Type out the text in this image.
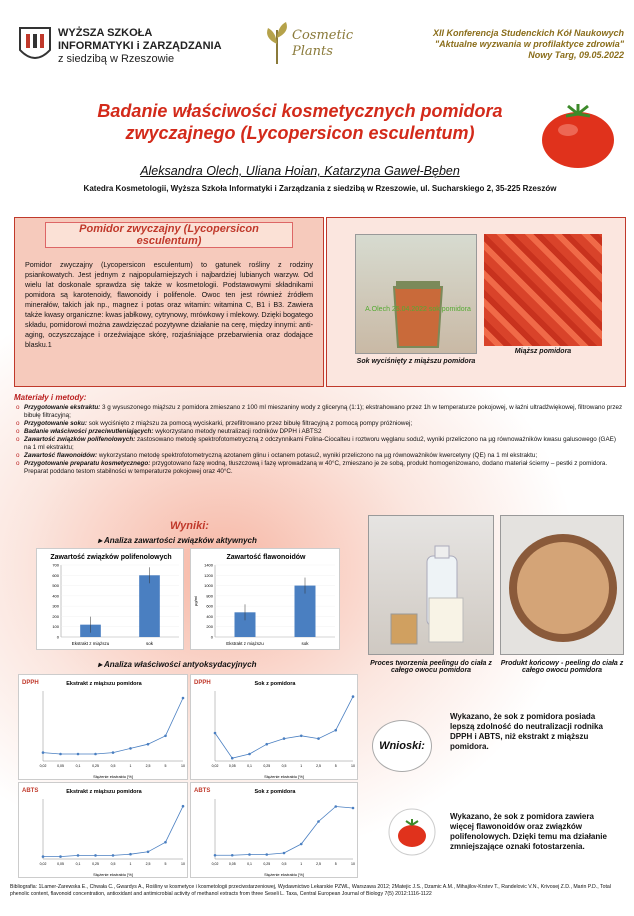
WYŻSZA SZKOŁA
INFORMATYKI i ZARZĄDZANIA
z siedzibą w Rzeszowie
Cosmetic Plants
XII Konferencja Studenckich Kół Naukowych
"Aktualne wyzwania w profilaktyce zdrowia"
Nowy Targ, 09.05.2022
Badanie właściwości kosmetycznych pomidora zwyczajnego (Lycopersicon esculentum)
Aleksandra Olech, Uliana Hoian, Katarzyna Gaweł-Bęben
Katedra Kosmetologii, Wyższa Szkoła Informatyki i Zarządzania z siedzibą w Rzeszowie, ul. Sucharskiego 2, 35-225 Rzeszów
Pomidor zwyczajny (Lycopersicon esculentum)

Pomidor zwyczajny (Lycopersicon esculentum) to gatunek rośliny z rodziny psiankowatych. Jest jednym z najpopularniejszych i najbardziej lubianych warzyw. Od wielu lat doskonale sprawdza się także w kosmetologii. Podstawowymi składnikami pomidora są karotenoidy, flawonoidy i polifenole. Owoc ten jest również źródłem minerałów, takich jak np., magnez i potas oraz witamin: witamina C, B1 i B3. Zawiera także kwasy organiczne: kwas jabłkowy, cytrynowy, mrówkowy i mlekowy. Dzięki bogatego składu, pomidorowi można zawdzięczać pozytywne działanie na cerę, między innymi: anti-aging, oczyszczające i orzeźwiające skórę, rozjaśniające przebarwienia oraz dodające blasku.1

A.Olech 25.04.2022 sok pomidora
Sok wyciśnięty z miąższu pomidora
Miąższ pomidora
Materiały i metody:
o Przygotowanie ekstraktu: 3 g wysuszonego miąższu z pomidora zmieszano z 100 ml mieszaniny wody z gliceryną (1:1); ekstrahowano przez 1h w temperaturze pokojowej, w łaźni ultradźwiękowej, filtrowano przez bibułę filtracyjną;
o Przygotowanie soku: sok wyciśnięto z miąższu za pomocą wyciskarki, przefiltrowano przez bibułę filtracyjną z pomocą pompy próżniowej;
o Badanie właściwości przeciwutleniających: wykorzystano metody neutralizacji rodników DPPH i ABTS2
o Zawartość związków polifenolowych: zastosowano metodę spektrofotometryczną z odczynnikami Folina-Ciocalteu i roztworu węglanu sodu2, wyniki przeliczono na µg równoważników kwasu galusowego (GAE) na 1 ml ekstraktu;
o Zawartość flawonoidów: wykorzystano metodę spektrofotometryczną azotanem glinu i octanem potasu2, wyniki przeliczono na µg równoważników kwercetyny (QE) na 1 ml ekstraktu;
o Przygotowanie preparatu kosmetycznego: przygotowano fazę wodną, tłuszczową i fazę wprowadzaną w 40°C, zmieszano je ze sobą, produkt homogenizowano, dodano materiał ścierny – pestki z pomidora. Preparat poddano testom stabilności w temperaturze pokojowej oraz 40°C.
Wyniki:
▸ Analiza zawartości związków aktywnych
▸ Analiza właściwości antyoksydacyjnych
Zawartość związków polifenolowych
0
100
200
300
400
500
600
700
Ekstrakt z miąższu	sok
Zawartość flawonoidów
µg/ml
0
200
400
600
800
1000
1200
1400
Ekstrakt z miąższu	sok
Ekstrakt z miąższu pomidora
DPPH
0,02	0,05	0,1	0,25	0,5	1	2,5	5	10
Stężenie ekstraktu [%]
Sok z pomidora
DPPH
0,02	0,05	0,1	0,25	0,5	1	2,5	5	10
Stężenie ekstraktu [%]
Ekstrakt z miąższu pomidora
ABTS
0,02	0,05	0,1	0,25	0,5	1	2,5	5	10
Stężenie ekstraktu [%]
Sok z pomidora
ABTS
0,02	0,05	0,1	0,25	0,5	1	2,5	5	10
Stężenie ekstraktu [%]
Proces tworzenia peelingu do ciała z całego owocu pomidora
Produkt końcowy - peeling do ciała z całego owocu pomidora
Wnioski:
Wykazano, że sok z pomidora posiada lepszą zdolność do neutralizacji rodnika DPPH i ABTS, niż ekstrakt z miąższu pomidora.
Wykazano, że sok z pomidora zawiera więcej flawonoidów oraz związków polifenolowych. Dzięki temu ma działanie zmniejszające oznaki fotostarzenia.
Bibliografia: 1Lamer-Zarewska E., Chwała C., Gwardys A., Rośliny w kosmetyce i kosmetologii przeciwstarzeniowej, Wydawnictwo Lekarskie PZWL, Warszawa 2012; 2Matejic J.S., Dzamic A.M., Mihajilov-Krstev T., Randelovic V.N., Krivosej Z.D., Marin P.D., Total phenolic content, flavonoid concentration, antioxidant and antimicrobial activity of methanol extracts from three Seseli L. Taxa, Central European Journal of Biology 7(5) 2012:1116-1122
